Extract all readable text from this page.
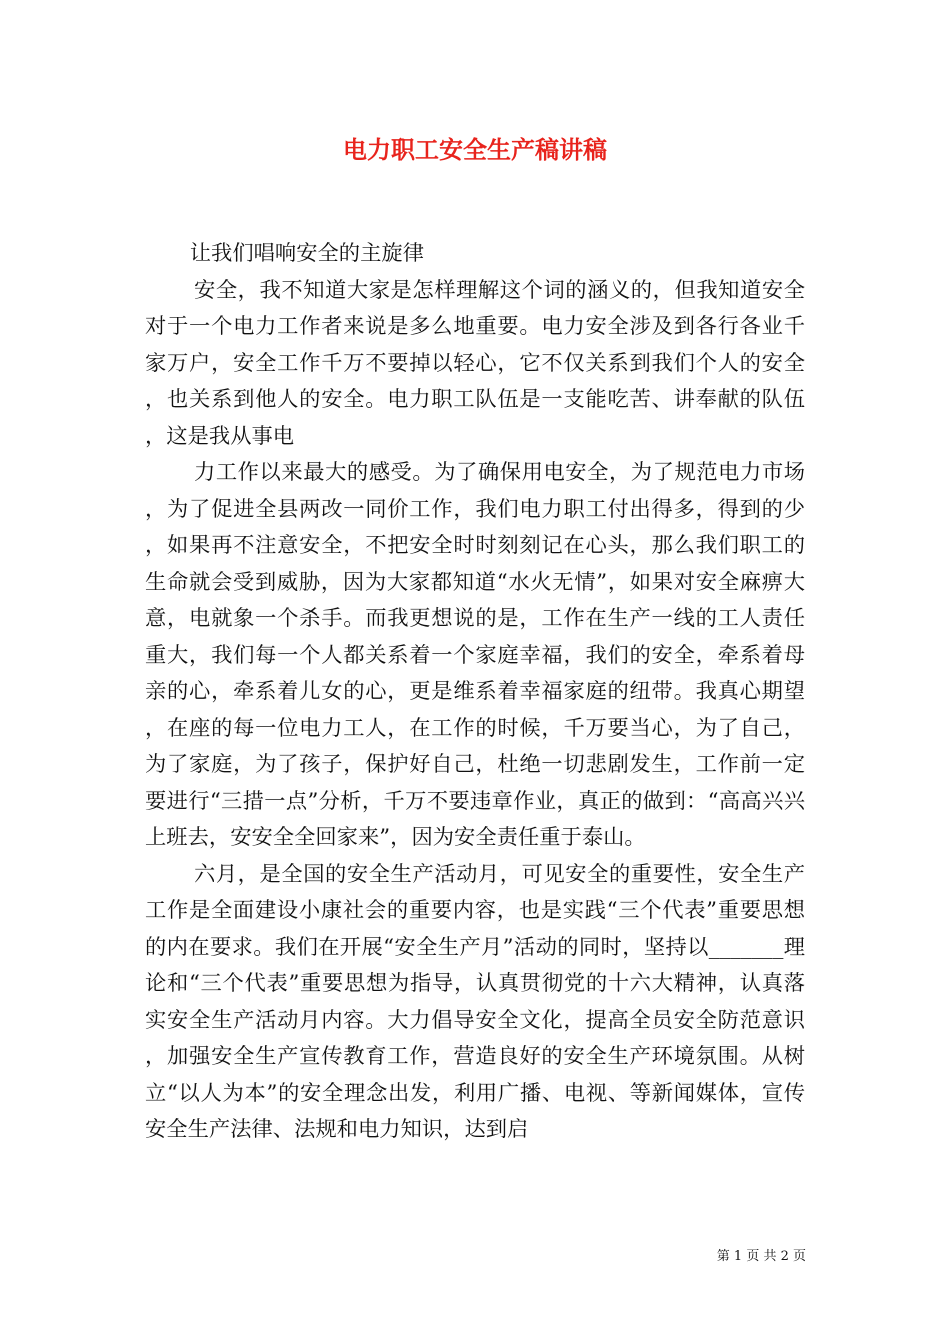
电力职工安全生产稿讲稿

让我们唱响安全的主旋律

安全，我不知道大家是怎样理解这个词的涵义的，但我知道安全对于一个电力工作者来说是多么地重要。电力安全涉及到各行各业千家万户，安全工作千万不要掉以轻心，它不仅关系到我们个人的安全，也关系到他人的安全。电力职工队伍是一支能吃苦、讲奉献的队伍，这是我从事电

力工作以来最大的感受。为了确保用电安全，为了规范电力市场，为了促进全县两改一同价工作，我们电力职工付出得多，得到的少，如果再不注意安全，不把安全时时刻刻记在心头，那么我们职工的生命就会受到威胁，因为大家都知道“水火无情”，如果对安全麻痹大意，电就象一个杀手。而我更想说的是，工作在生产一线的工人责任重大，我们每一个人都关系着一个家庭幸福，我们的安全，牵系着母亲的心，牵系着儿女的心，更是维系着幸福家庭的纽带。我真心期望，在座的每一位电力工人，在工作的时候，千万要当心，为了自己，为了家庭，为了孩子，保护好自己，杜绝一切悲剧发生，工作前一定要进行“三措一点”分析，千万不要违章作业，真正的做到：“高高兴兴上班去，安安全全回家来”，因为安全责任重于泰山。

六月，是全国的安全生产活动月，可见安全的重要性，安全生产工作是全面建设小康社会的重要内容，也是实践“三个代表”重要思想的内在要求。我们在开展“安全生产月”活动的同时，坚持以_______理论和“三个代表”重要思想为指导，认真贯彻党的十六大精神，认真落实安全生产活动月内容。大力倡导安全文化，提高全员安全防范意识，加强安全生产宣传教育工作，营造良好的安全生产环境氛围。从树立“以人为本”的安全理念出发，利用广播、电视、等新闻媒体，宣传安全生产法律、法规和电力知识，达到启

第 1 页 共 2 页
